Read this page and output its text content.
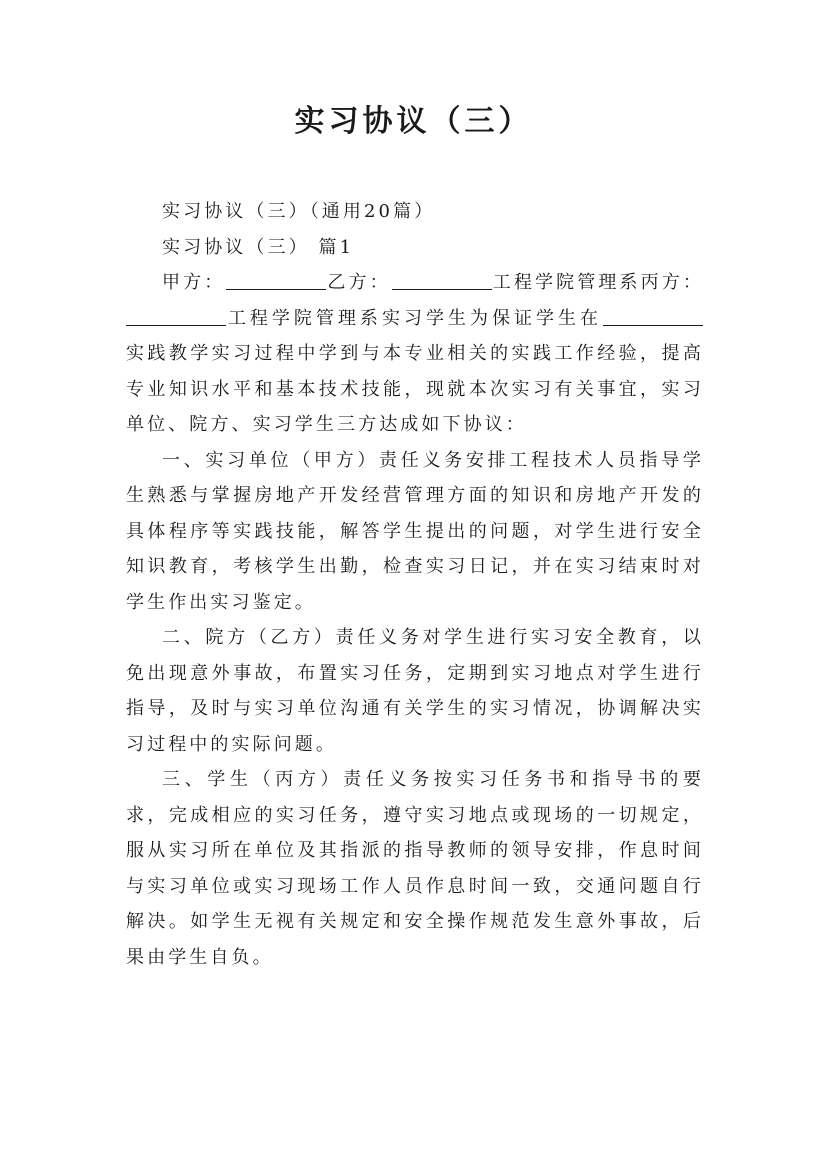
实习协议（三）

实习协议（三）（通用20篇）

实习协议（三） 篇1

甲方：	乙方：	工程学院管理系丙方：工程学院管理系实习学生为保证学生在实践教学实习过程中学到与本专业相关的实践工作经验，提高专业知识水平和基本技术技能，现就本次实习有关事宜，实习单位、院方、实习学生三方达成如下协议：

一、实习单位（甲方）责任义务安排工程技术人员指导学生熟悉与掌握房地产开发经营管理方面的知识和房地产开发的具体程序等实践技能，解答学生提出的问题，对学生进行安全知识教育，考核学生出勤，检查实习日记，并在实习结束时对学生作出实习鉴定。

二、院方（乙方）责任义务对学生进行实习安全教育，以免出现意外事故，布置实习任务，定期到实习地点对学生进行指导，及时与实习单位沟通有关学生的实习情况，协调解决实习过程中的实际问题。

三、学生（丙方）责任义务按实习任务书和指导书的要求，完成相应的实习任务，遵守实习地点或现场的一切规定，服从实习所在单位及其指派的指导教师的领导安排，作息时间与实习单位或实习现场工作人员作息时间一致，交通问题自行解决。如学生无视有关规定和安全操作规范发生意外事故，后果由学生自负。
